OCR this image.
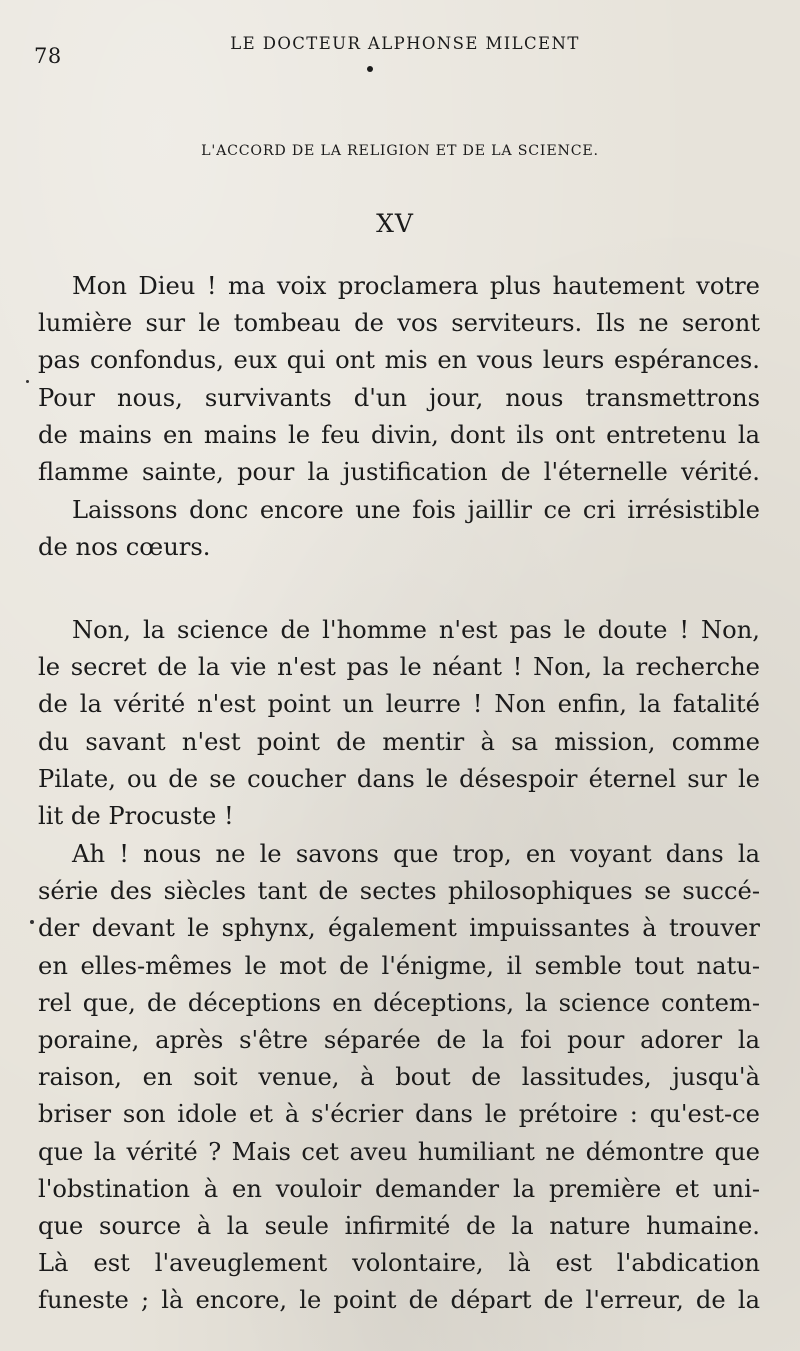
78
LE DOCTEUR ALPHONSE MILCENT
L'ACCORD DE LA RELIGION ET DE LA SCIENCE.
XV
Mon Dieu ! ma voix proclamera plus hautement votre
lumière sur le tombeau de vos serviteurs. Ils ne seront
pas confondus, eux qui ont mis en vous leurs espérances.
Pour nous, survivants d'un jour, nous transmettrons
de mains en mains le feu divin, dont ils ont entretenu la
flamme sainte, pour la justification de l'éternelle vérité.
Laissons donc encore une fois jaillir ce cri irrésistible
de nos cœurs.
Non, la science de l'homme n'est pas le doute ! Non,
le secret de la vie n'est pas le néant ! Non, la recherche
de la vérité n'est point un leurre ! Non enfin, la fatalité
du savant n'est point de mentir à sa mission, comme
Pilate, ou de se coucher dans le désespoir éternel sur le
lit de Procuste !
Ah ! nous ne le savons que trop, en voyant dans la
série des siècles tant de sectes philosophiques se succé-
der devant le sphynx, également impuissantes à trouver
en elles-mêmes le mot de l'énigme, il semble tout natu-
rel que, de déceptions en déceptions, la science contem-
poraine, après s'être séparée de la foi pour adorer la
raison, en soit venue, à bout de lassitudes, jusqu'à
briser son idole et à s'écrier dans le prétoire : qu'est-ce
que la vérité ? Mais cet aveu humiliant ne démontre que
l'obstination à en vouloir demander la première et uni-
que source à la seule infirmité de la nature humaine.
Là est l'aveuglement volontaire, là est l'abdication
funeste ; là encore, le point de départ de l'erreur, de la
